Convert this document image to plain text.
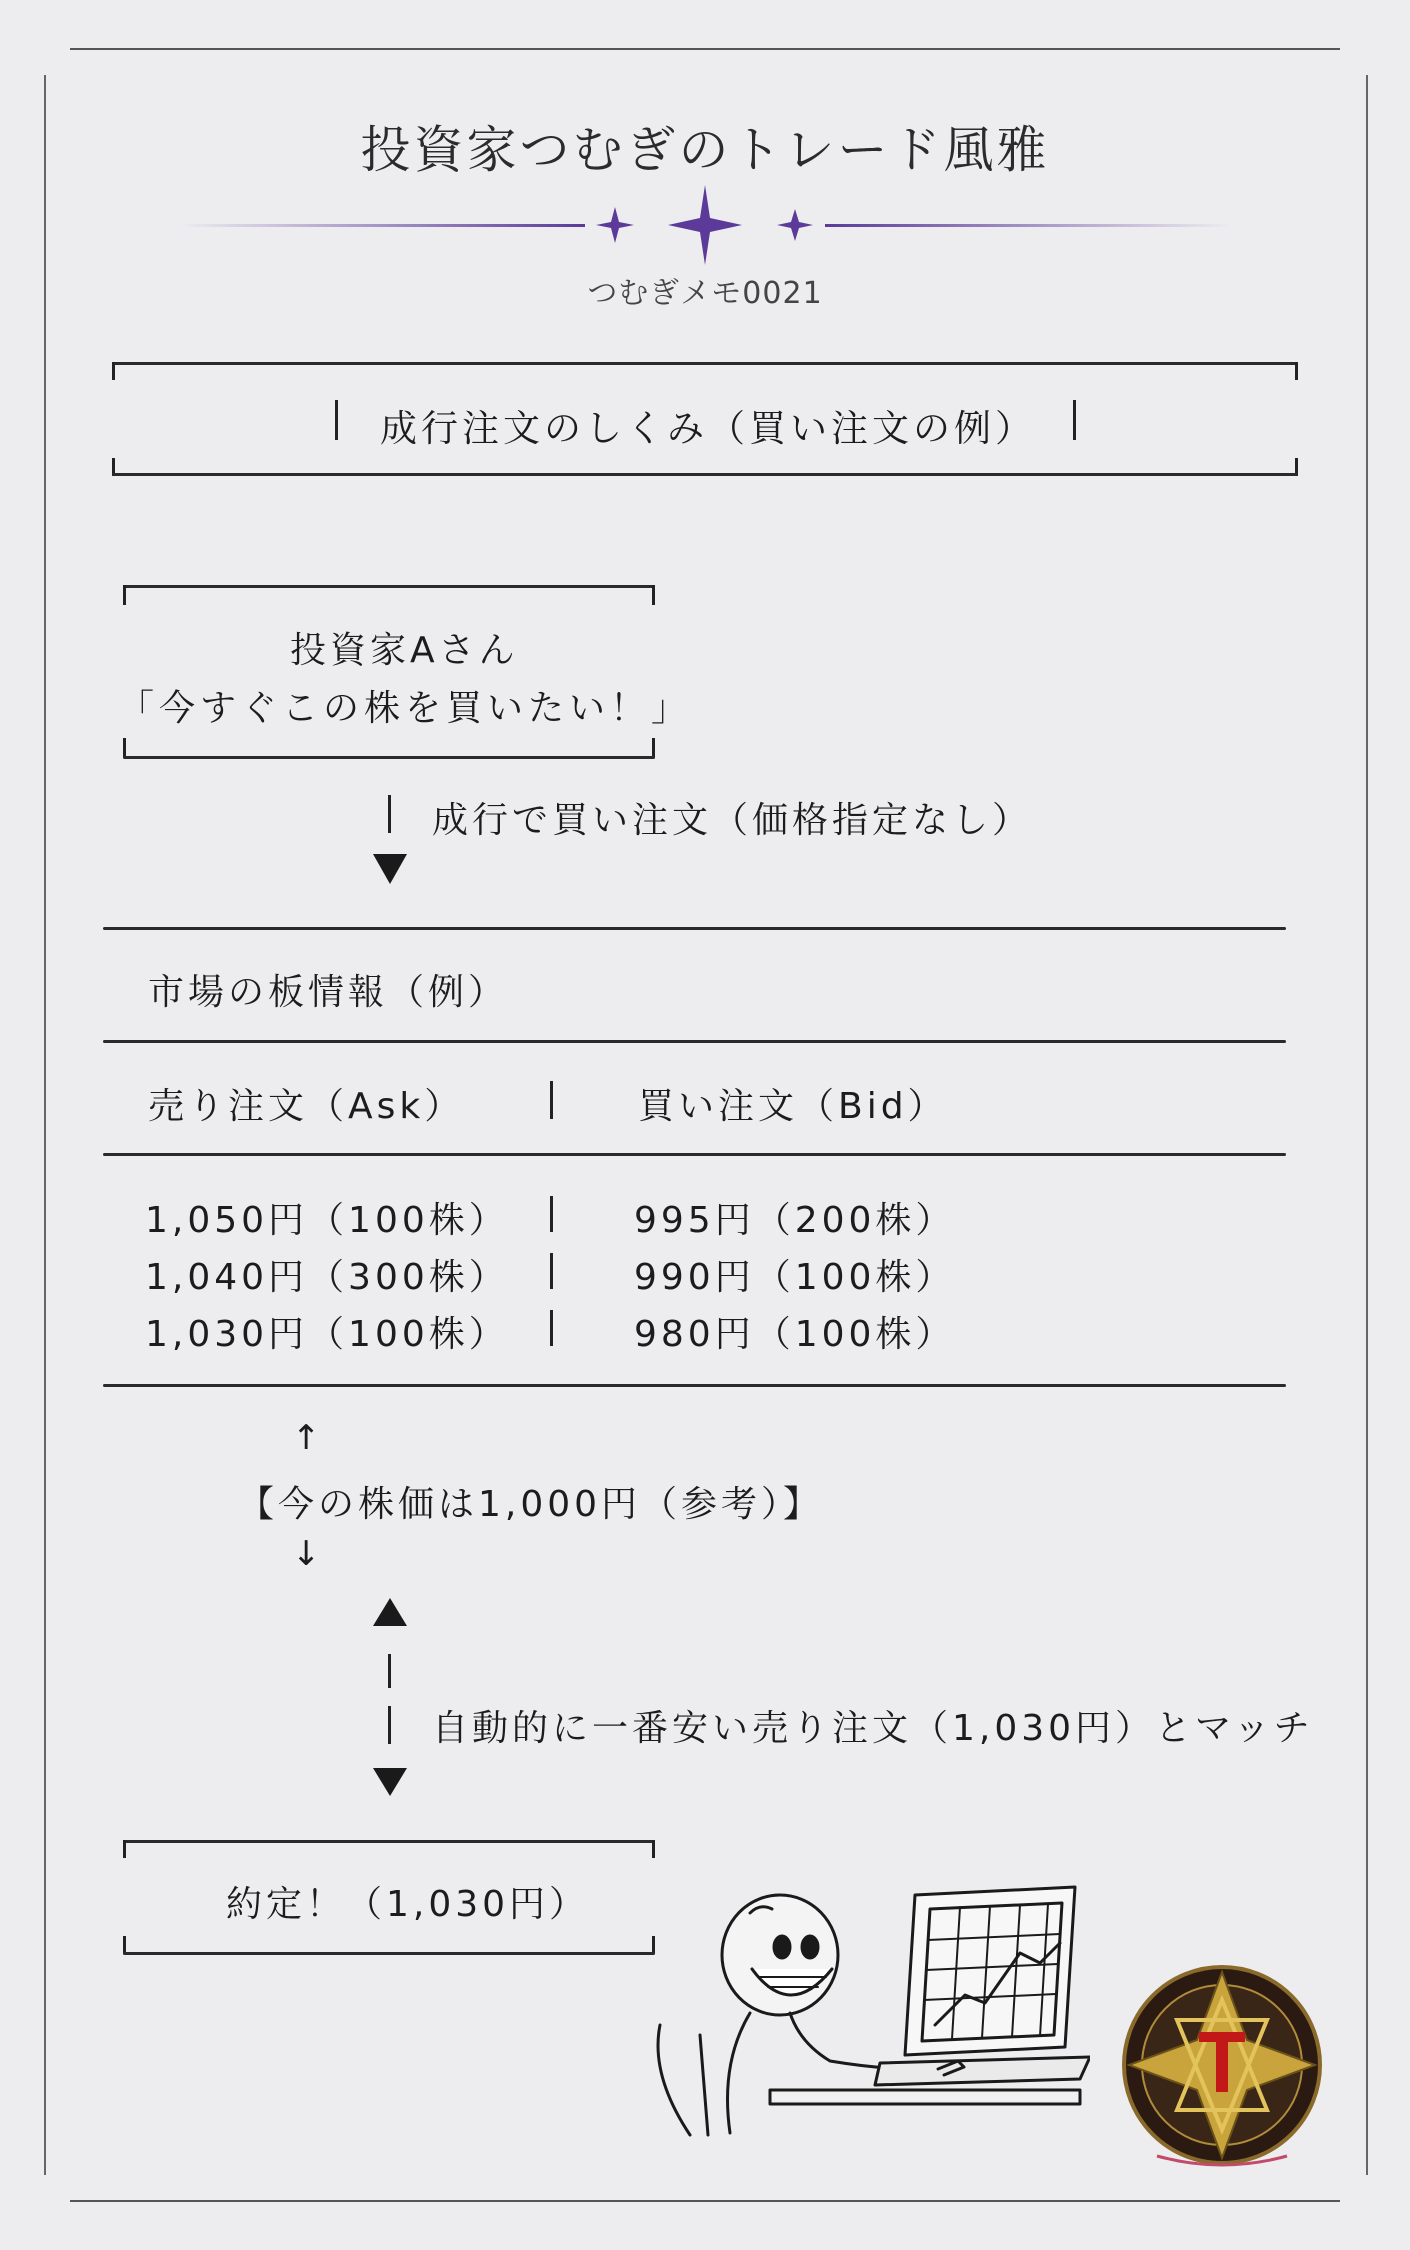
投資家つむぎのトレード風雅
つむぎメモ0021
成行注文のしくみ（買い注文の例）
投資家Aさん
「今すぐこの株を買いたい！」
成行で買い注文（価格指定なし）
市場の板情報（例）
売り注文（Ask）	買い注文（Bid）
1,050円（100株）	995円（200株）
1,040円（300株）	990円（100株）
1,030円（100株）	980円（100株）
↑
【今の株価は1,000円（参考）】
↓
自動的に一番安い売り注文（1,030円）とマッチ
約定！（1,030円）
